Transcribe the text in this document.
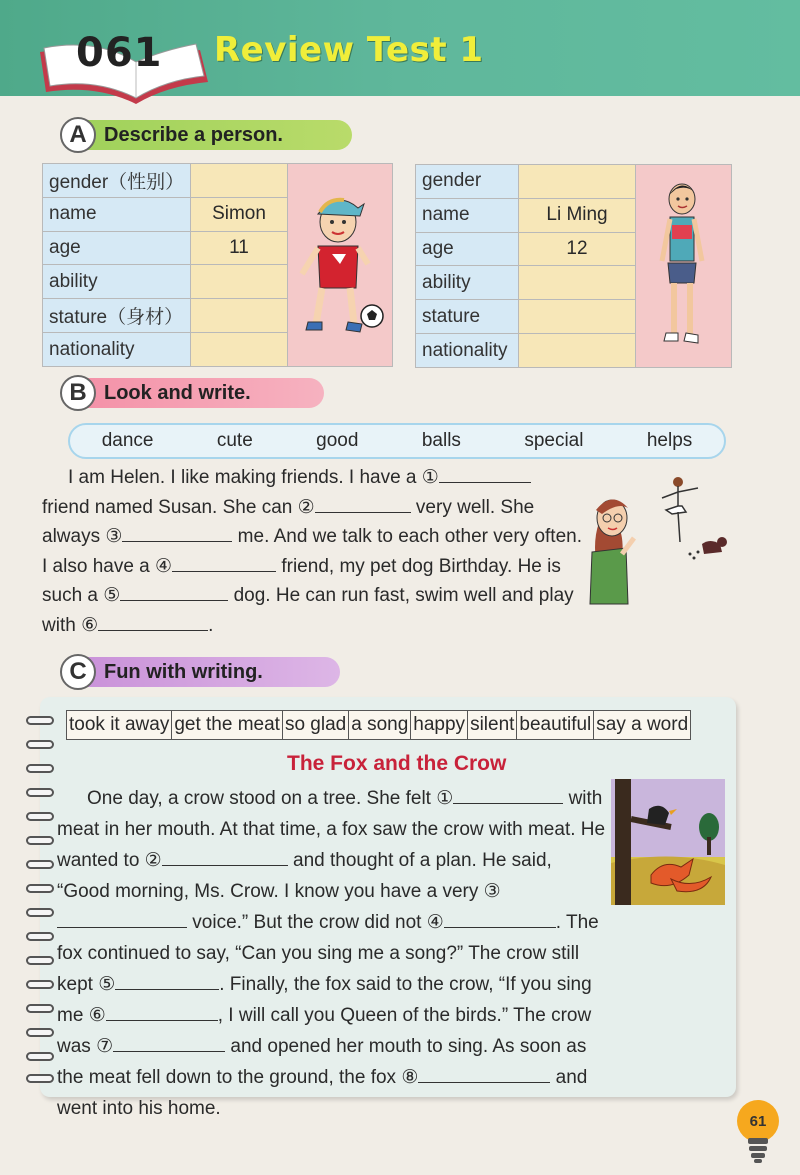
061 Review Test 1
A Describe a person.
gender（性别）		
name	Simon	
age	11	
ability		
stature（身材）		
nationality		
gender		
name	Li Ming	
age	12	
ability		
stature		
nationality		
B Look and write.
dance	cute	good	balls	special	helps
I am Helen. I like making friends. I have a ① friend named Susan. She can ②	very well. She always ③	me. And we talk to each other very often. I also have a ④	friend, my pet dog Birthday. He is such a ⑤	dog. He can run fast, swim well and play with ⑥	.
C Fun with writing.
took it away get the meat so glad a song happy silent beautiful say a word
The Fox and the Crow
One day, a crow stood on a tree. She felt ①	with meat in her mouth. At that time, a fox saw the crow with meat. He wanted to ②	and thought of a plan. He said, “Good morning, Ms. Crow. I know you have a very ③ voice.” But the crow did not ④	. The fox continued to say, “Can you sing me a song?” The crow still kept ⑤	. Finally, the fox said to the crow, “If you sing me ⑥	, I will call you Queen of the birds.” The crow was ⑦	and opened her mouth to sing. As soon as the meat fell down to the ground, the fox ⑧	and went into his home.
61
